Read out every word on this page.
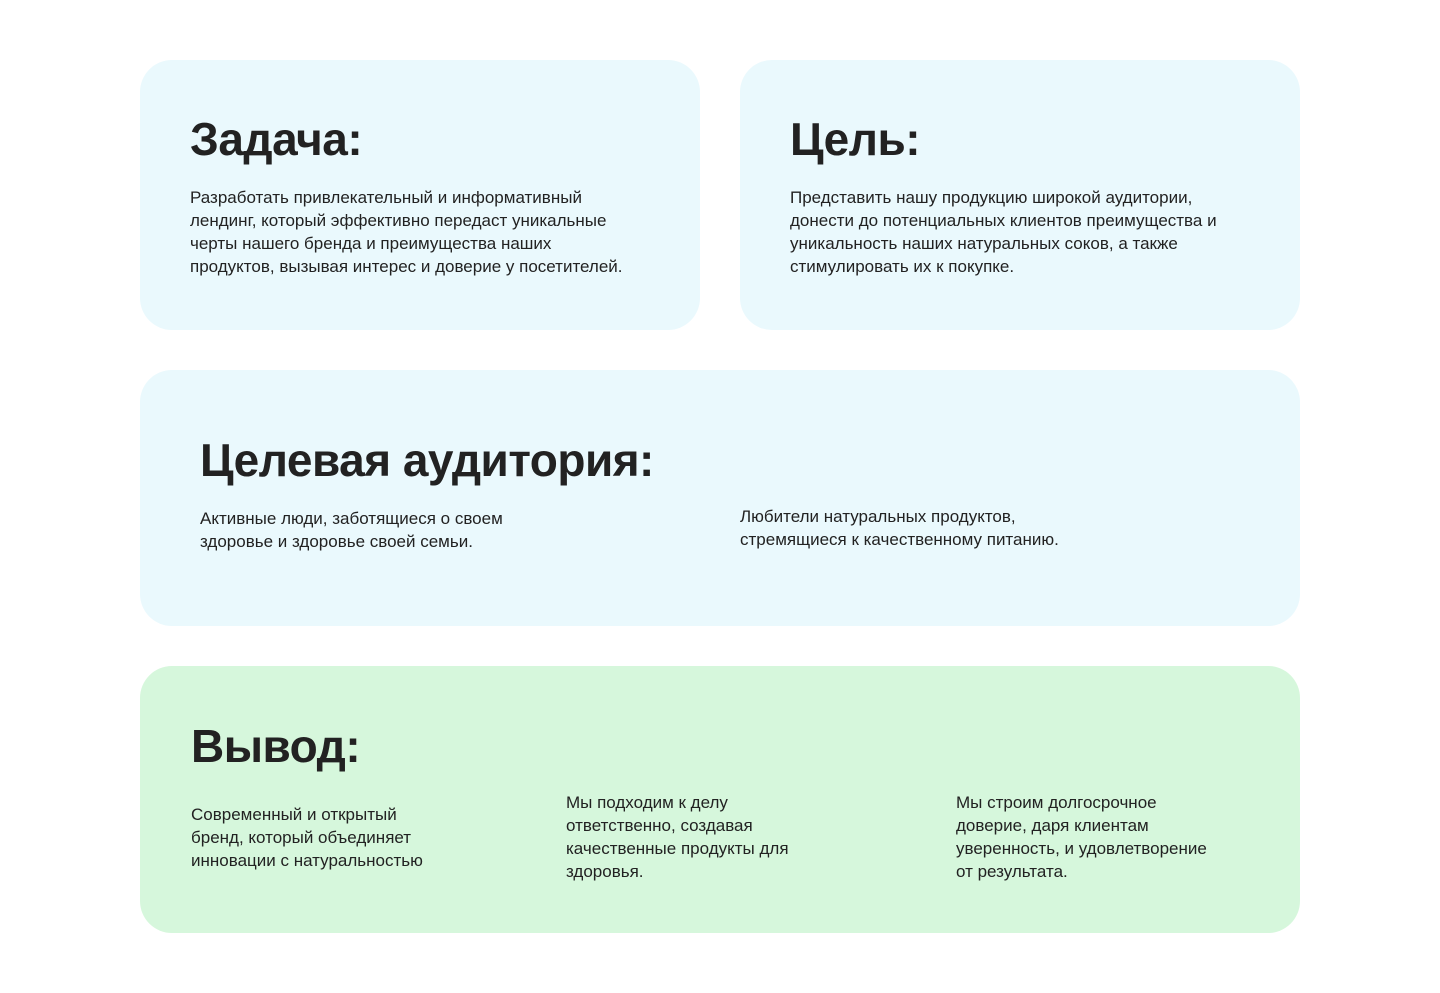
Задача:

Разработать привлекательный и информативный
лендинг, который эффективно передаст уникальные
черты нашего бренда и преимущества наших
продуктов, вызывая интерес и доверие у посетителей.

Цель:

Представить нашу продукцию широкой аудитории,
донести до потенциальных клиентов преимущества и
уникальность наших натуральных соков, а также
стимулировать их к покупке.

Целевая аудитория:

Активные люди, заботящиеся о своем
здоровье и здоровье своей семьи.

Любители натуральных продуктов,
стремящиеся к качественному питанию.

Вывод:

Современный и открытый
бренд, который объединяет
инновации с натуральностью

Мы подходим к делу
ответственно, создавая
качественные продукты для
здоровья.

Мы строим долгосрочное
доверие, даря клиентам
уверенность, и удовлетворение
от результата.
